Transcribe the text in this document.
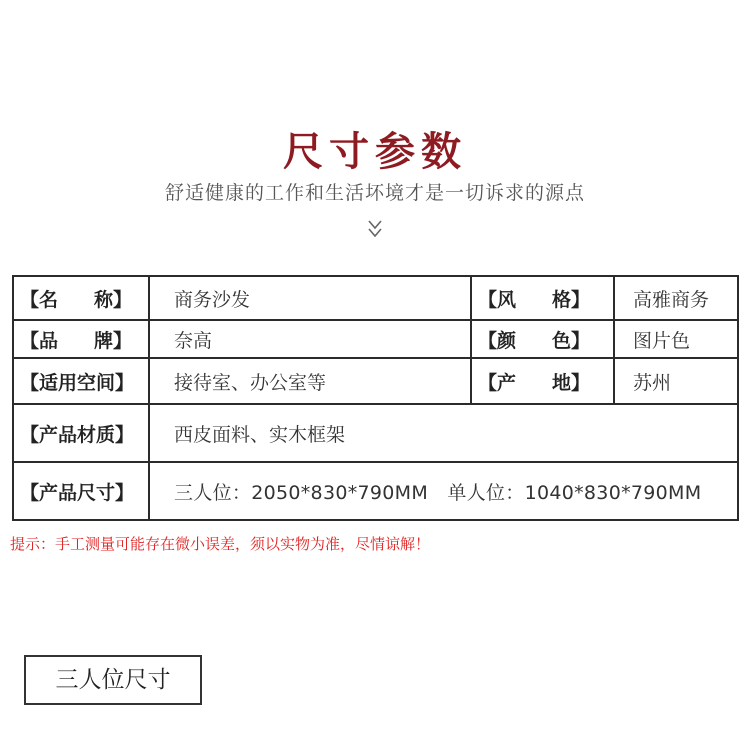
尺寸参数
舒适健康的工作和生活坏境才是一切诉求的源点
【名 称】	商务沙发	【风 格】	高雅商务

【品 牌】	奈高	【颜 色】	图片色
【适用空间】	接待室、办公室等	【产 地】	苏州
【产品材质】	西皮面料、实木框架		
【产品尺寸】	三人位：2050*830*790MM　单人位：1040*830*790MM		
提示：手工测量可能存在微小误差，须以实物为准，尽情谅解！
三人位尺寸
